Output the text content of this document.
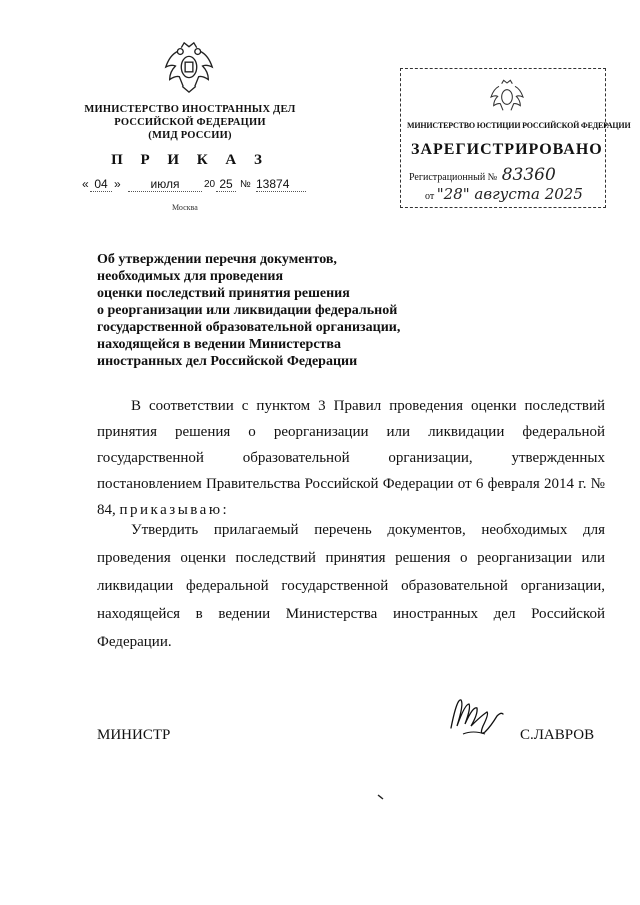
МИНИСТЕРСТВО ИНОСТРАННЫХ ДЕЛ
РОССИЙСКОЙ ФЕДЕРАЦИИ
(МИД РОССИИ)
П Р И К А З
« 04 »	июля	20 25 № 13874
Москва
МИНИСТЕРСТВО ЮСТИЦИИ РОССИЙСКОЙ ФЕДЕРАЦИИ
ЗАРЕГИСТРИРОВАНО
Регистрационный № 83360
от "28" августа 2025
Об утверждении перечня документов,
необходимых для проведения
оценки последствий принятия решения
о реорганизации или ликвидации федеральной
государственной образовательной организации,
находящейся в ведении Министерства
иностранных дел Российской Федерации
В соответствии с пунктом 3 Правил проведения оценки последствий принятия решения о реорганизации или ликвидации федеральной государственной образовательной организации, утвержденных постановлением Правительства Российской Федерации от 6 февраля 2014 г. № 84, приказываю:
Утвердить прилагаемый перечень документов, необходимых для проведения оценки последствий принятия решения о реорганизации или ликвидации федеральной государственной образовательной организации, находящейся в ведении Министерства иностранных дел Российской Федерации.
МИНИСТР	С.ЛАВРОВ
